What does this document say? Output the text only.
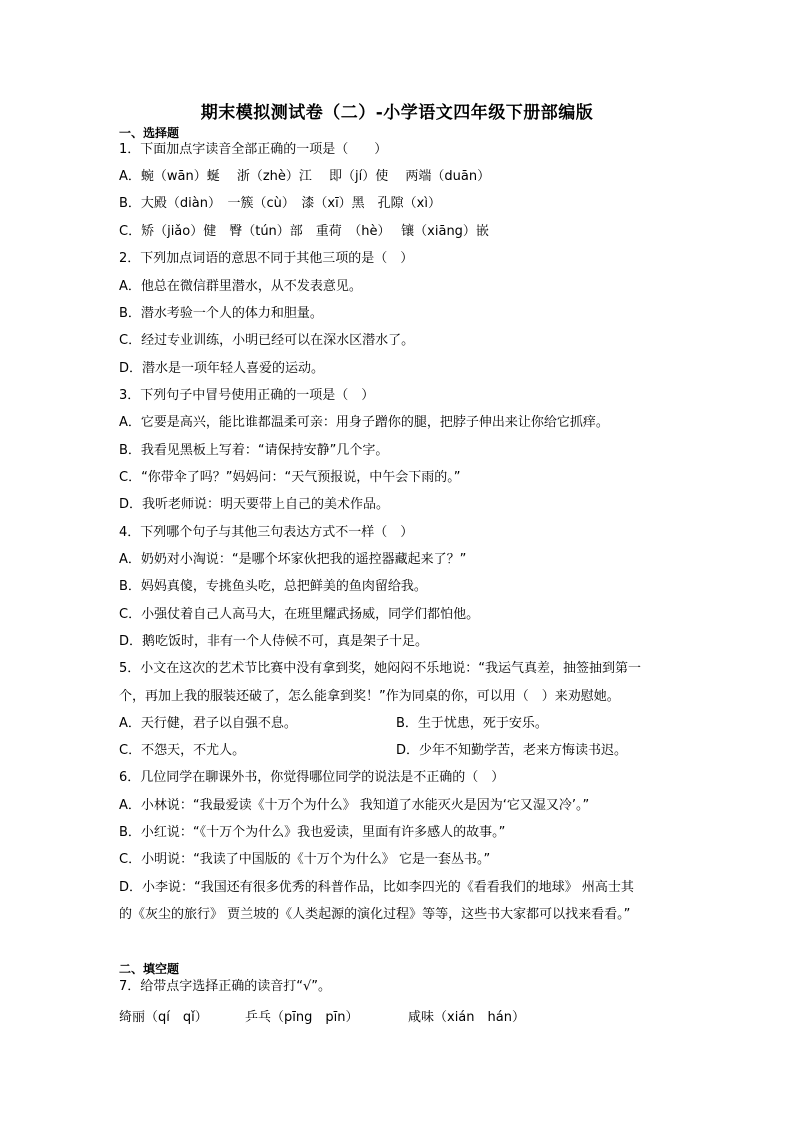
期末模拟测试卷（二）-小学语文四年级下册部编版
一、选择题
1．下面加点字读音全部正确的一项是（　　）
A．蜿（wān）蜒　 浙（zhè）江　 即（jí）使　 两端（duān）
B．大殿（diàn）　一簇（cù）　漆（xī）黑　孔隙（xì）
C．矫（jiǎo）健　臀（tún）部　重荷　（hè）　 镶（xiāng）嵌
2．下列加点词语的意思不同于其他三项的是（　）
A．他总在微信群里潜水，从不发表意见。
B．潜水考验一个人的体力和胆量。
C．经过专业训练，小明已经可以在深水区潜水了。
D．潜水是一项年轻人喜爱的运动。
3．下列句子中冒号使用正确的一项是（　）
A．它要是高兴，能比谁都温柔可亲：用身子蹭你的腿，把脖子伸出来让你给它抓痒。
B．我看见黑板上写着：“请保持安静”几个字。
C．“你带伞了吗？”妈妈问：“天气预报说，中午会下雨的。”
D．我听老师说：明天要带上自己的美术作品。
4．下列哪个句子与其他三句表达方式不一样（　）
A．奶奶对小淘说：“是哪个坏家伙把我的遥控器藏起来了？”
B．妈妈真傻，专挑鱼头吃，总把鲜美的鱼肉留给我。
C．小强仗着自己人高马大，在班里耀武扬威，同学们都怕他。
D．鹅吃饭时，非有一个人侍候不可，真是架子十足。
5．小文在这次的艺术节比赛中没有拿到奖，她闷闷不乐地说：“我运气真差，抽签抽到第一
个，再加上我的服装还破了，怎么能拿到奖！”作为同桌的你，可以用（　）来劝慰她。
A．天行健，君子以自强不息。	B．生于忧患，死于安乐。
C．不怨天，不尤人。	D．少年不知勤学苦，老来方悔读书迟。
6．几位同学在聊课外书，你觉得哪位同学的说法是不正确的（　）
A．小林说：“我最爱读《十万个为什么》 我知道了水能灭火是因为‘它又湿又冷’。”
B．小红说：“《十万个为什么》我也爱读，里面有许多感人的故事。”
C．小明说：“我读了中国版的《十万个为什么》 它是一套丛书。”
D．小李说：“我国还有很多优秀的科普作品，比如李四光的《看看我们的地球》 州高士其
的《灰尘的旅行》 贾兰坡的《人类起源的演化过程》等等，这些书大家都可以找来看看。”
二、填空题
7．给带点字选择正确的读音打“√”。
绮丽（qí　qǐ）	乒乓（pīng　pīn）	咸味（xián　hán）
